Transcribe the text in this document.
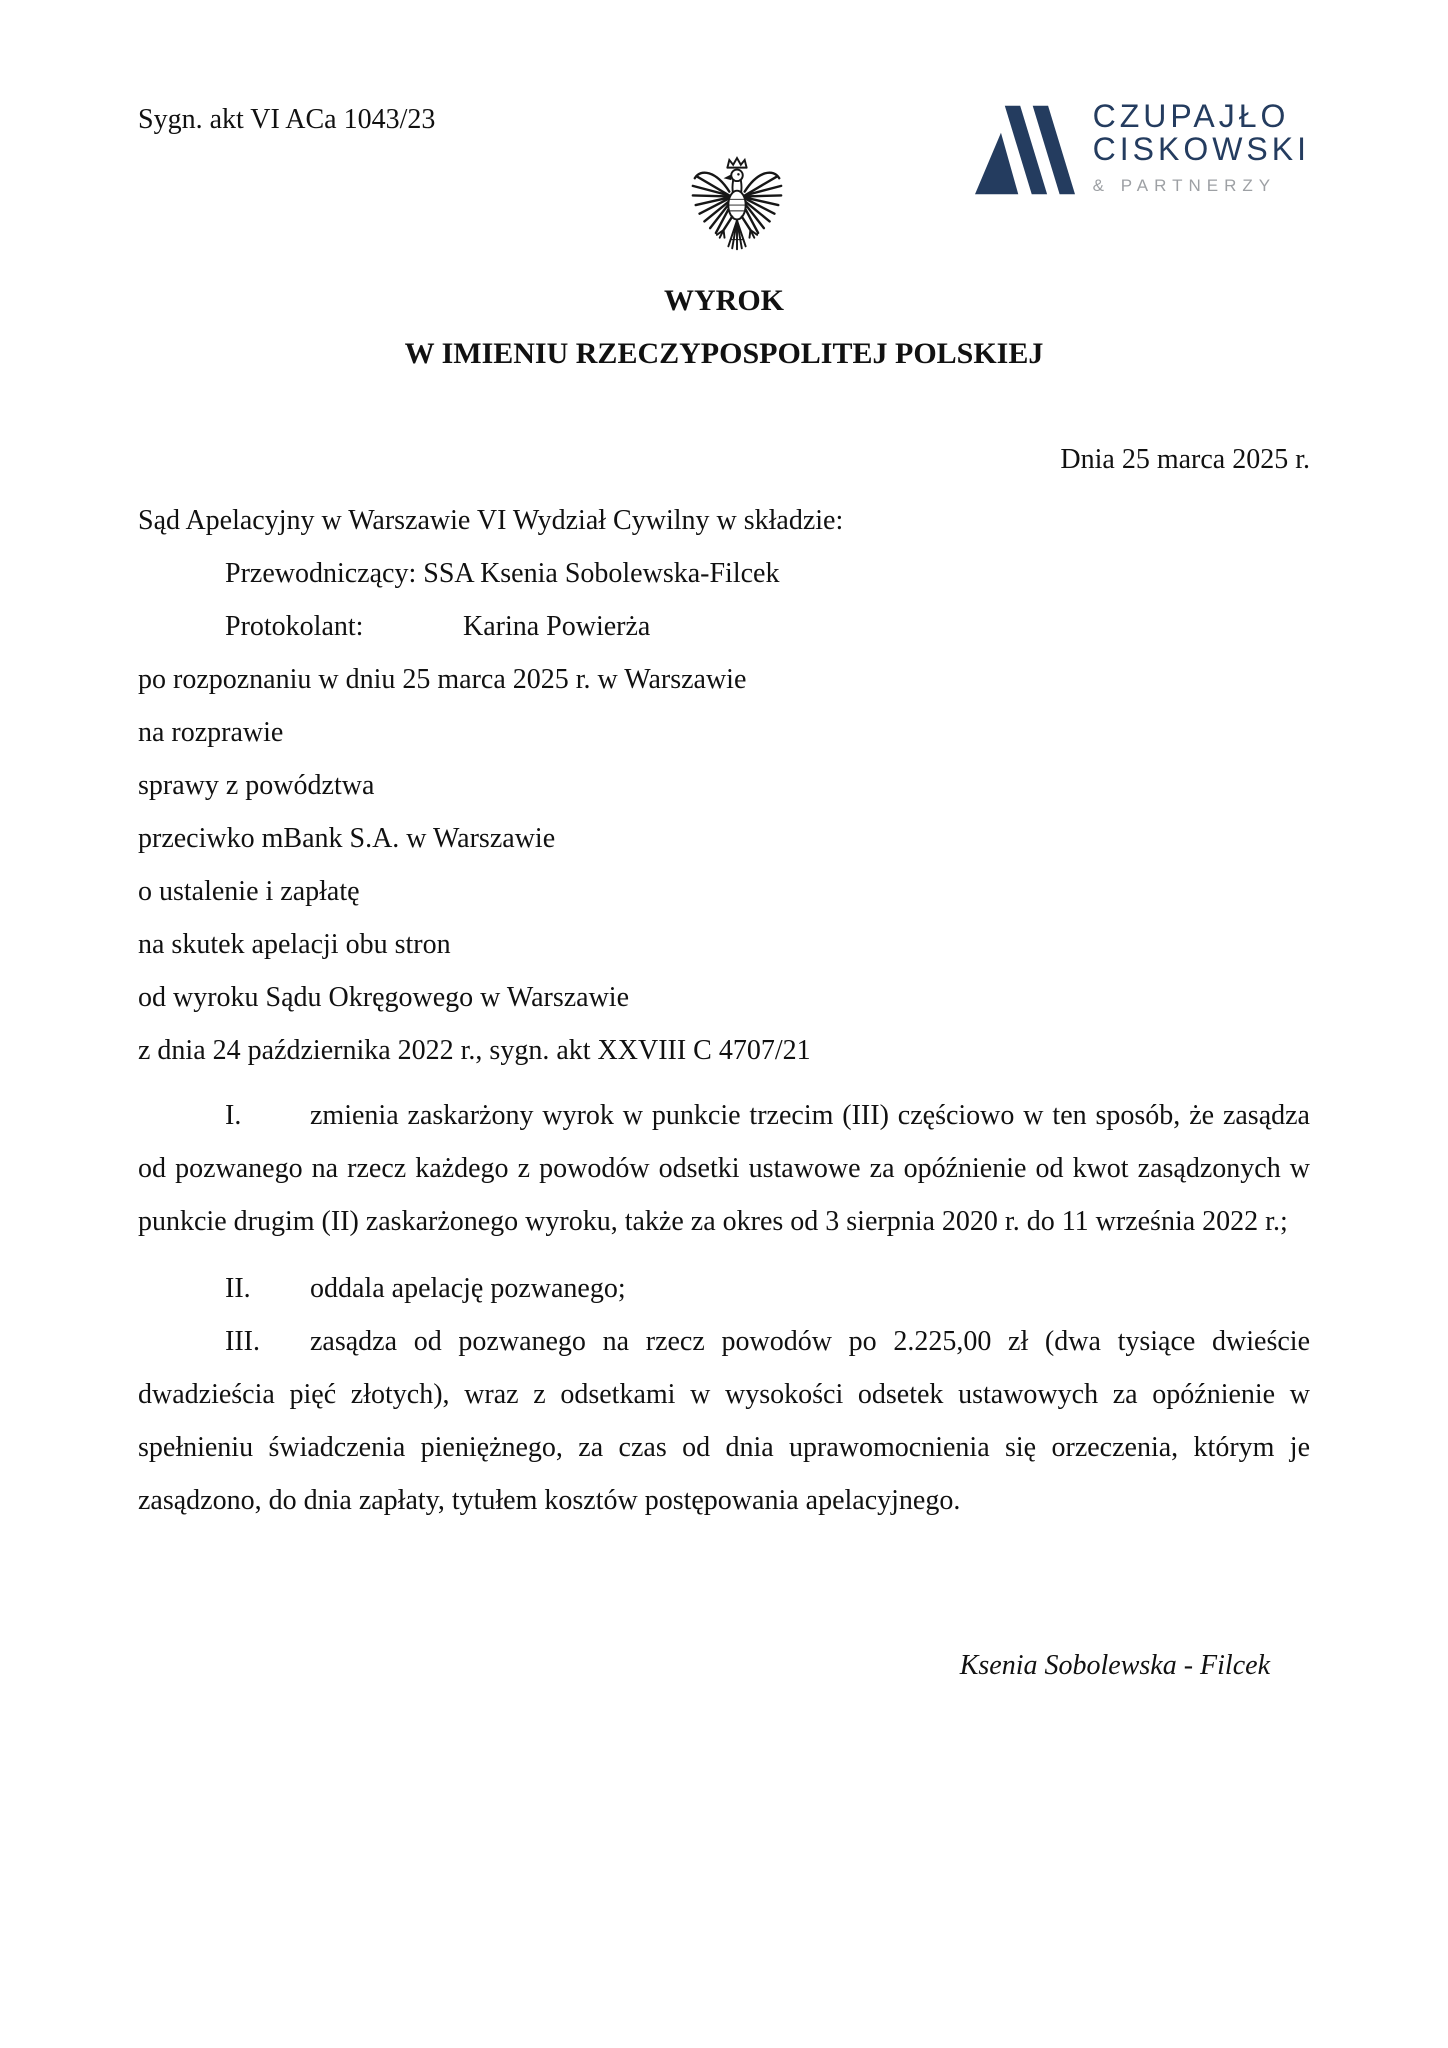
Sygn. akt VI ACa 1043/23	CZUPAJŁO
CISKOWSKI
& PARTNERZY
WYROK
W IMIENIU RZECZYPOSPOLITEJ POLSKIEJ
Dnia 25 marca 2025 r.
Sąd Apelacyjny w Warszawie VI Wydział Cywilny w składzie:
Przewodniczący: SSA Ksenia Sobolewska-Filcek
Protokolant:	Karina Powierża
po rozpoznaniu w dniu 25 marca 2025 r. w Warszawie
na rozprawie
sprawy z powództwa
przeciwko mBank S.A. w Warszawie
o ustalenie i zapłatę
na skutek apelacji obu stron
od wyroku Sądu Okręgowego w Warszawie
z dnia 24 października 2022 r., sygn. akt XXVIII C 4707/21

I. zmienia zaskarżony wyrok w punkcie trzecim (III) częściowo w ten sposób, że zasądza od pozwanego na rzecz każdego z powodów odsetki ustawowe za opóźnienie od kwot zasądzonych w punkcie drugim (II) zaskarżonego wyroku, także za okres od 3 sierpnia 2020 r. do 11 września 2022 r.;

II. oddala apelację pozwanego;

III. zasądza od pozwanego na rzecz powodów po 2.225,00 zł (dwa tysiące dwieście dwadzieścia pięć złotych), wraz z odsetkami w wysokości odsetek ustawowych za opóźnienie w spełnieniu świadczenia pieniężnego, za czas od dnia uprawomocnienia się orzeczenia, którym je zasądzono, do dnia zapłaty, tytułem kosztów postępowania apelacyjnego.

Ksenia Sobolewska - Filcek
